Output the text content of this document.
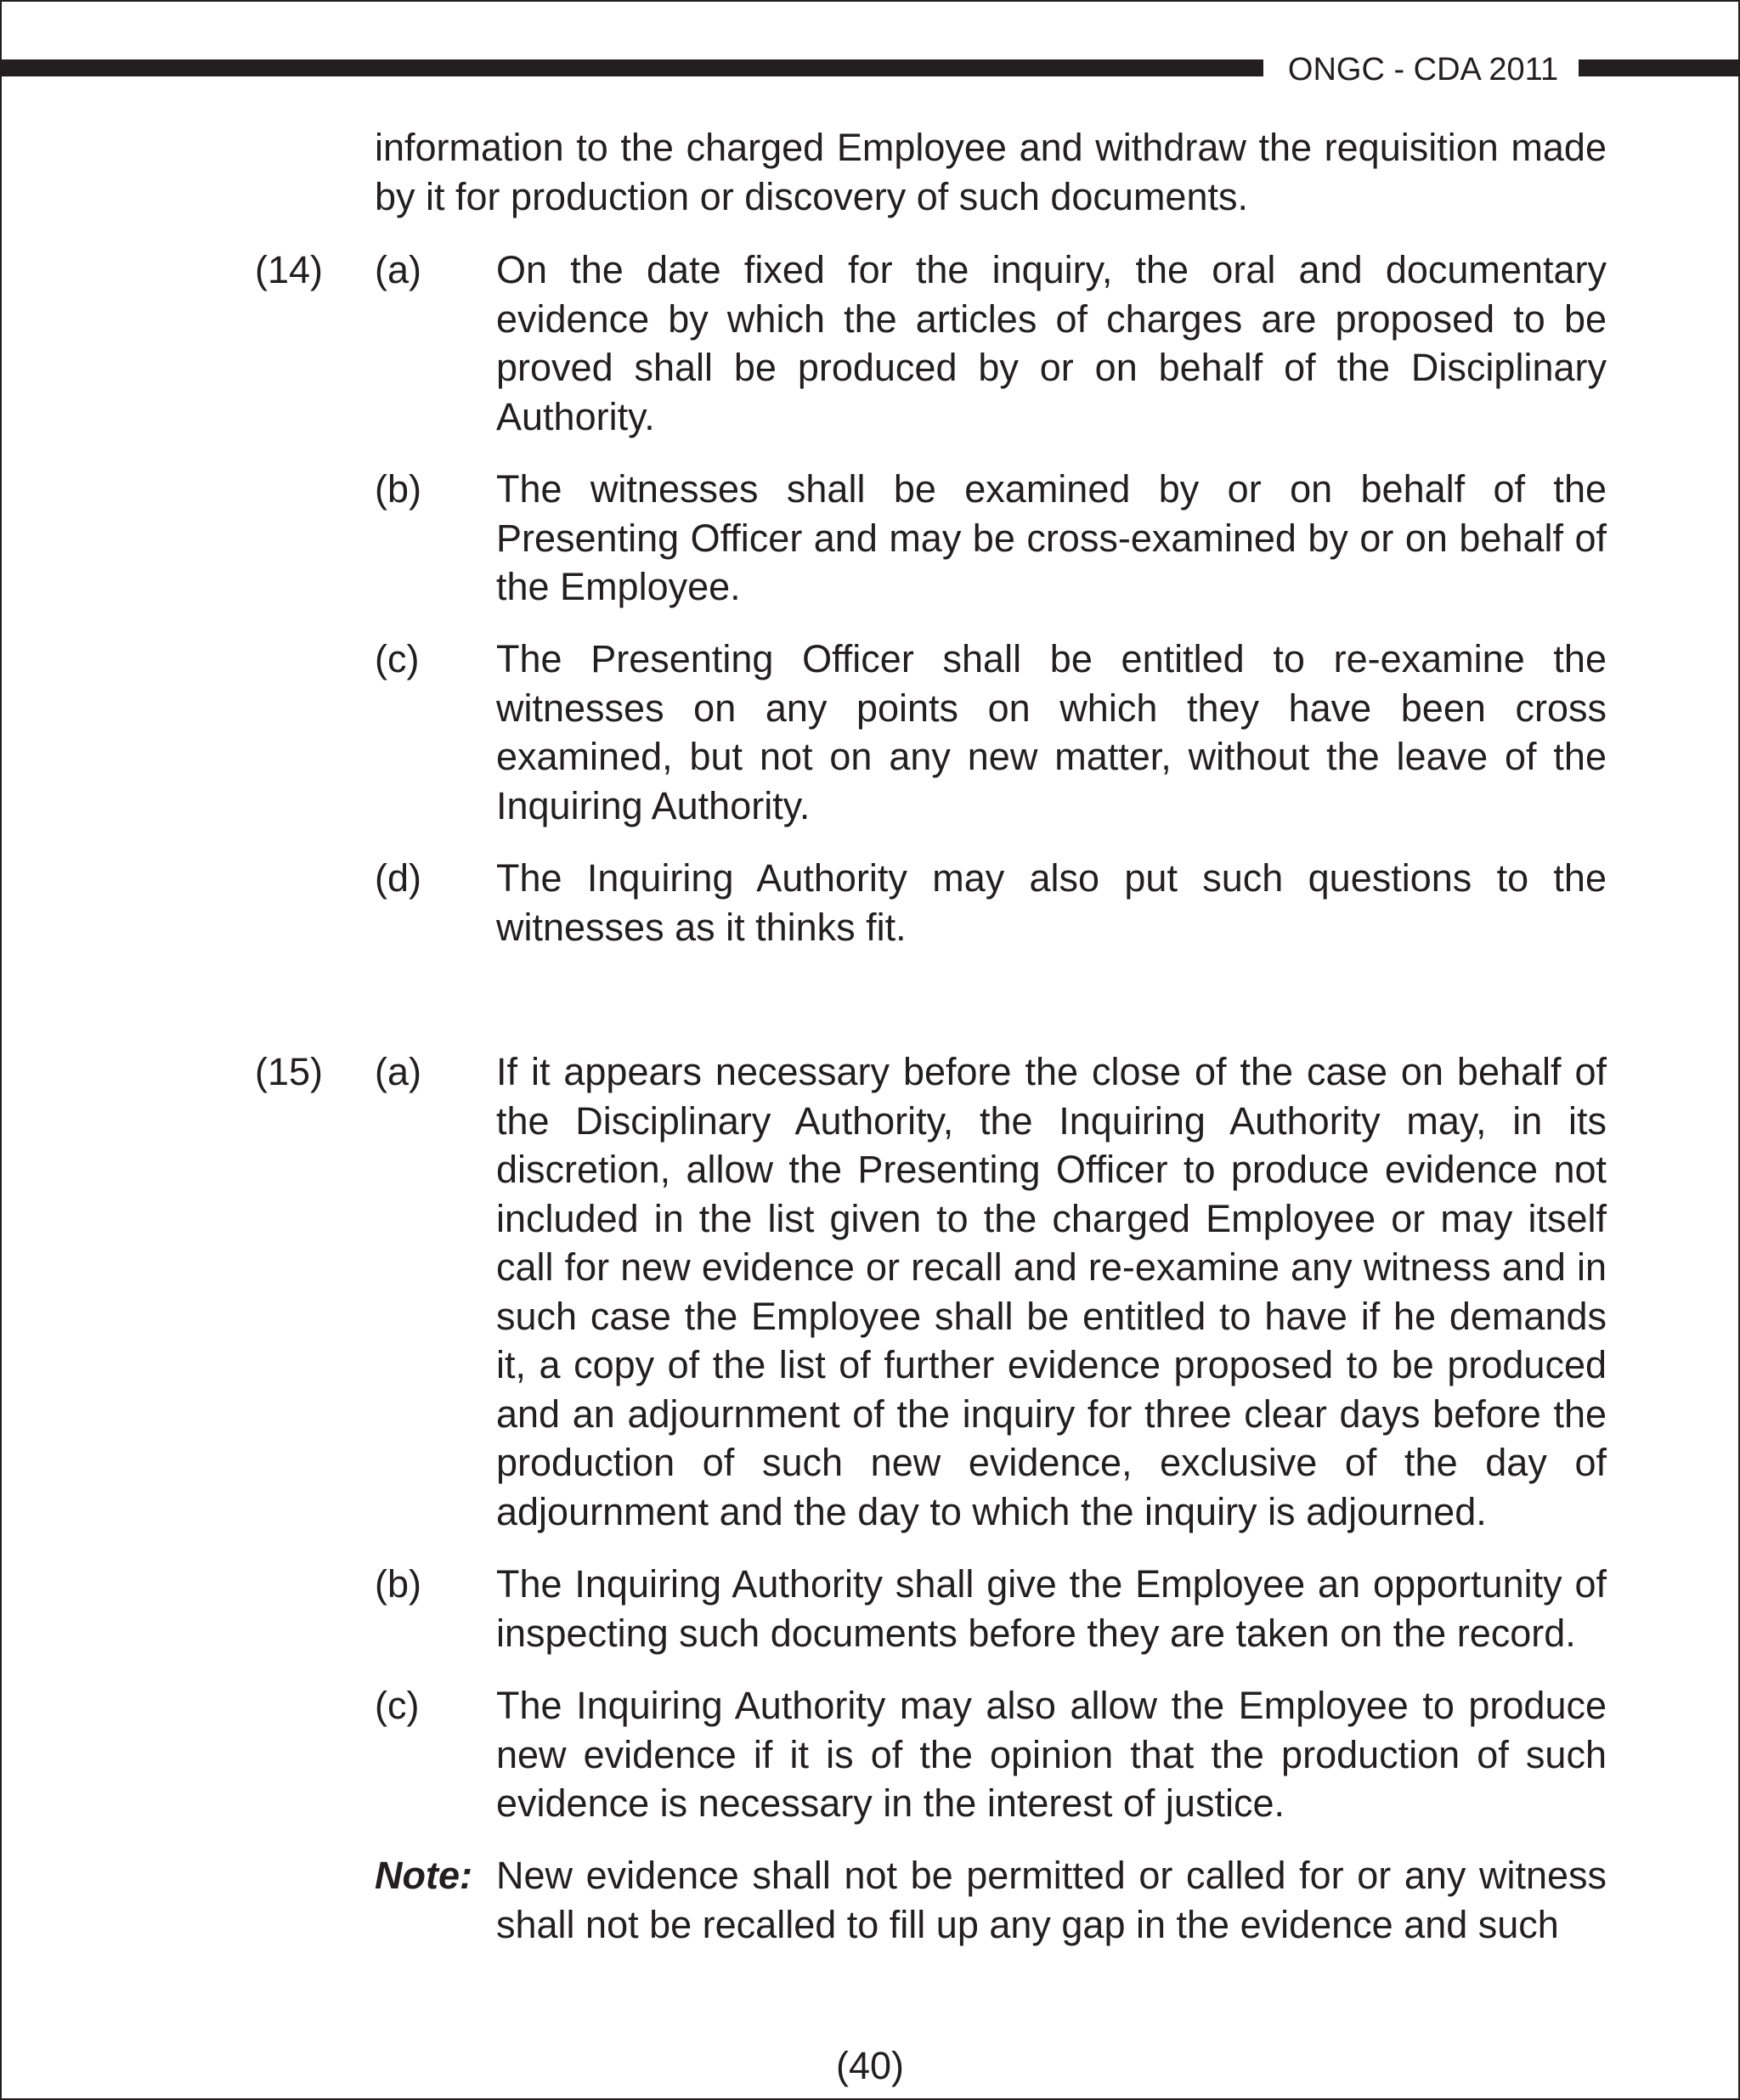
ONGC - CDA 2011
information to the charged Employee and withdraw the requisition made by it for production or discovery of such documents.
(14) (a) On the date fixed for the inquiry, the oral and documentary evidence by which the articles of charges are proposed to be proved shall be produced by or on behalf of the Disciplinary Authority.
(b) The witnesses shall be examined by or on behalf of the Presenting Officer and may be cross-examined by or on behalf of the Employee.
(c) The Presenting Officer shall be entitled to re-examine the witnesses on any points on which they have been cross examined, but not on any new matter, without the leave of the Inquiring Authority.
(d) The Inquiring Authority may also put such questions to the witnesses as it thinks fit.
(15) (a) If it appears necessary before the close of the case on behalf of the Disciplinary Authority, the Inquiring Authority may, in its discretion, allow the Presenting Officer to produce evidence not included in the list given to the charged Employee or may itself call for new evidence or recall and re-examine any witness and in such case the Employee shall be entitled to have if he demands it, a copy of the list of further evidence proposed to be produced and an adjournment of the inquiry for three clear days before the production of such new evidence, exclusive of the day of adjournment and the day to which the inquiry is adjourned.
(b) The Inquiring Authority shall give the Employee an opportunity of inspecting such documents before they are taken on the record.
(c) The Inquiring Authority may also allow the Employee to produce new evidence if it is of the opinion that the production of such evidence is necessary in the interest of justice.
Note: New evidence shall not be permitted or called for or any witness shall not be recalled to fill up any gap in the evidence and such
(40)
